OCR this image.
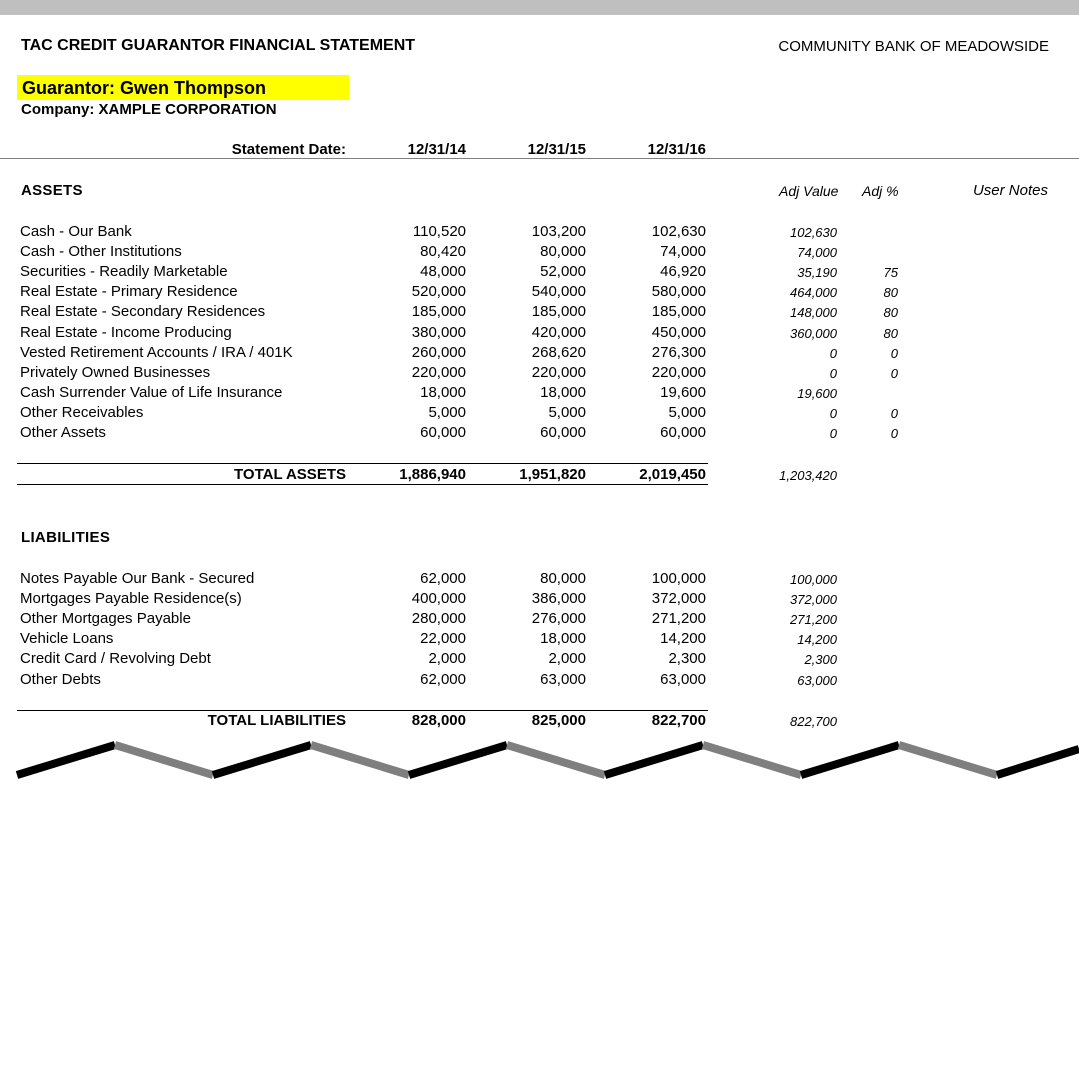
TAC CREDIT GUARANTOR FINANCIAL STATEMENT	COMMUNITY BANK OF MEADOWSIDE
Guarantor: Gwen Thompson
Company: XAMPLE CORPORATION
Statement Date:	12/31/14	12/31/15	12/31/16
ASSETS	Adj Value Adj %	User Notes
Cash - Our Bank	110,520	103,200	102,630	102,630
Cash - Other Institutions	80,420	80,000	74,000	74,000
Securities - Readily Marketable	48,000	52,000	46,920	35,190	75
Real Estate - Primary Residence	520,000	540,000	580,000	464,000	80
Real Estate - Secondary Residences	185,000	185,000	185,000	148,000	80
Real Estate - Income Producing	380,000	420,000	450,000	360,000	80
Vested Retirement Accounts / IRA / 401K	260,000	268,620	276,300	0	0
Privately Owned Businesses	220,000	220,000	220,000	0	0
Cash Surrender Value of Life Insurance	18,000	18,000	19,600	19,600
Other Receivables	5,000	5,000	5,000	0	0
Other Assets	60,000	60,000	60,000	0	0
TOTAL ASSETS	1,886,940	1,951,820	2,019,450	1,203,420
LIABILITIES
Notes Payable Our Bank - Secured	62,000	80,000	100,000	100,000
Mortgages Payable Residence(s)	400,000	386,000	372,000	372,000
Other Mortgages Payable	280,000	276,000	271,200	271,200
Vehicle Loans	22,000	18,000	14,200	14,200
Credit Card / Revolving Debt	2,000	2,000	2,300	2,300
Other Debts	62,000	63,000	63,000	63,000
TOTAL LIABILITIES	828,000	825,000	822,700	822,700
